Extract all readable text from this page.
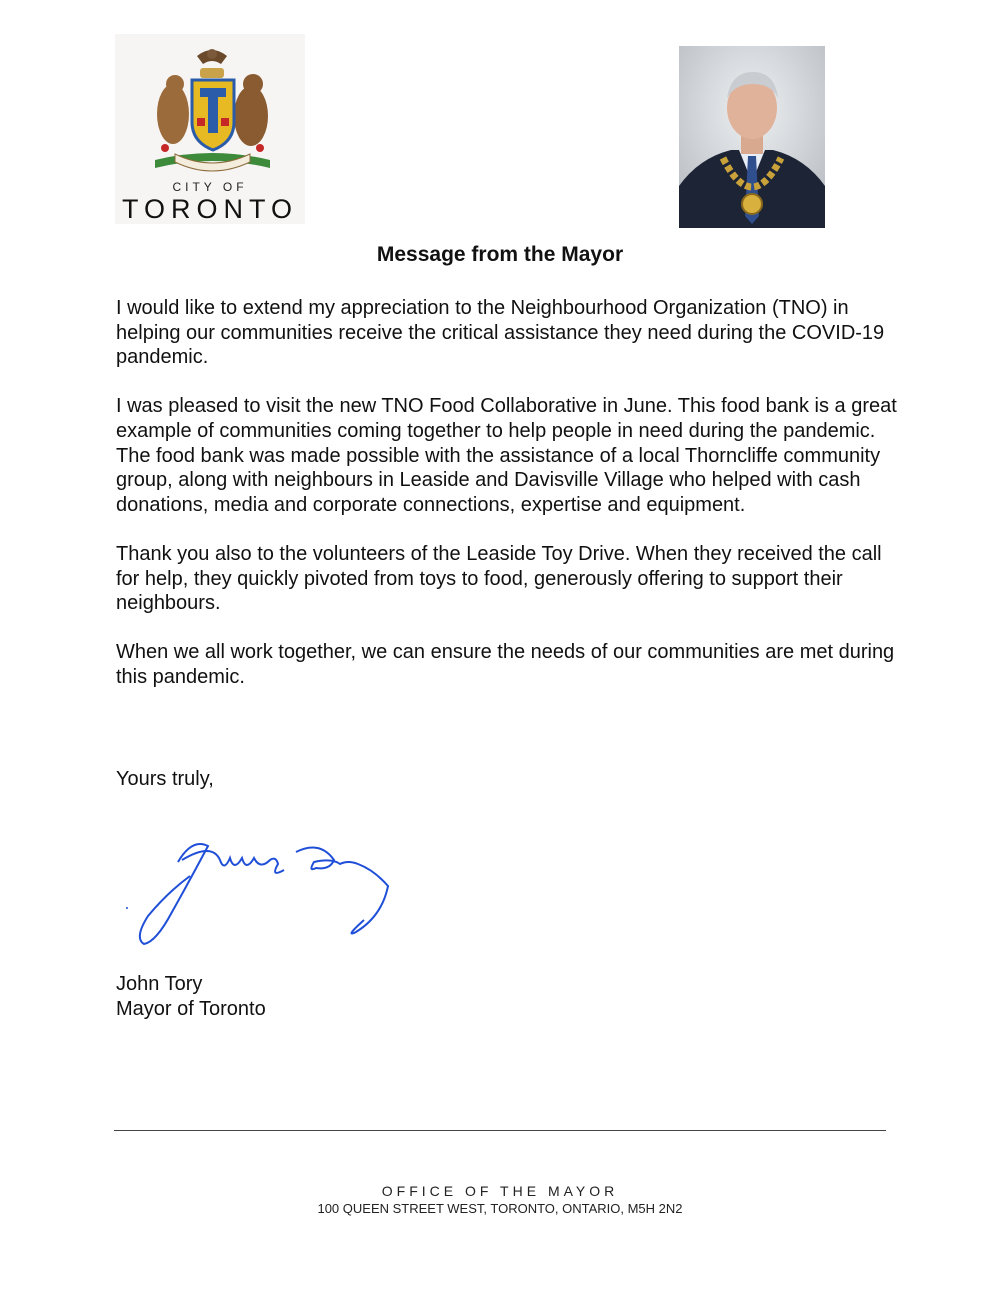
CITY OF
TORONTO
Message from the Mayor

I would like to extend my appreciation to the Neighbourhood Organization (TNO) in helping our communities receive the critical assistance they need during the COVID-19 pandemic.

I was pleased to visit the new TNO Food Collaborative in June. This food bank is a great example of communities coming together to help people in need during the pandemic. The food bank was made possible with the assistance of a local Thorncliffe community group, along with neighbours in Leaside and Davisville Village who helped with cash donations, media and corporate connections, expertise and equipment.

Thank you also to the volunteers of the Leaside Toy Drive. When they received the call for help, they quickly pivoted from toys to food, generously offering to support their neighbours.

When we all work together, we can ensure the needs of our communities are met during this pandemic.

Yours truly,
John Tory
Mayor of Toronto
OFFICE OF THE MAYOR
100 QUEEN STREET WEST, TORONTO, ONTARIO, M5H 2N2
